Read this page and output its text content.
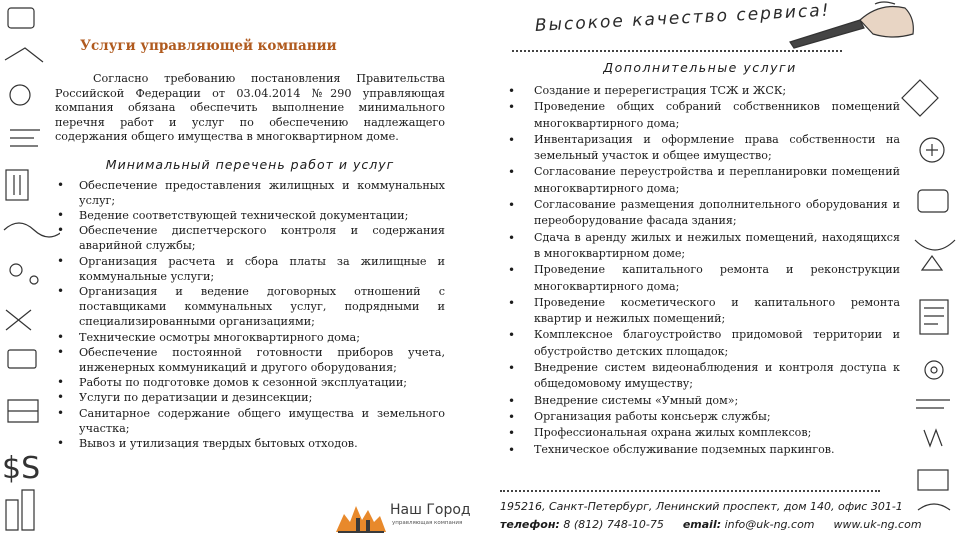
$S
Услуги управляющей компании

Согласно требованию постановления Правительства Российской Федерации от 03.04.2014 №290 управляющая компания обязана обеспечить выполнение минимального перечня работ и услуг по обеспечению надлежащего содержания общего имущества в многоквартирном доме.

Минимальный перечень работ и услуг
• Обеспечение предоставления жилищных и коммунальных услуг;
• Ведение соответствующей технической документации;
• Обеспечение диспетчерского контроля и содержания аварийной службы;
• Организация расчета и сбора платы за жилищные и коммунальные услуги;
• Организация и ведение договорных отношений с поставщиками коммунальных услуг, подрядными и специализированными организациями;
• Технические осмотры многоквартирного дома;
• Обеспечение постоянной готовности приборов учета, инженерных коммуникаций и другого оборудования;
• Работы по подготовке домов к сезонной эксплуатации;
• Услуги по дератизации и дезинсекции;
• Санитарное содержание общего имущества и земельного участка;
• Вывоз и утилизация твердых бытовых отходов.
Высокое качество сервиса!
Дополнительные услуги
• Создание и перерегистрация ТСЖ и ЖСК;
• Проведение общих собраний собственников помещений многоквартирного дома;
• Инвентаризация и оформление права собственности на земельный участок и общее имущество;
• Согласование переустройства и перепланировки помещений многоквартирного дома;
• Согласование размещения дополнительного оборудования и переоборудование фасада здания;
• Сдача в аренду жилых и нежилых помещений, находящихся в многоквартирном доме;
• Проведение капитального ремонта и реконструкции многоквартирного дома;
• Проведение косметического и капитального ремонта квартир и нежилых помещений;
• Комплексное благоустройство придомовой территории и обустройство детских площадок;
• Внедрение систем видеонаблюдения и контроля доступа к общедомовому имуществу;
• Внедрение системы «Умный дом»;
• Организация работы консьерж службы;
• Профессиональная охрана жилых комплексов;
• Техническое обслуживание подземных паркингов.
Наш Город
управляющая компания
195216, Санкт-Петербург, Ленинский проспект, дом 140, офис 301-1
телефон: 8 (812) 748-10-75 email: info@uk-ng.com www.uk-ng.com
